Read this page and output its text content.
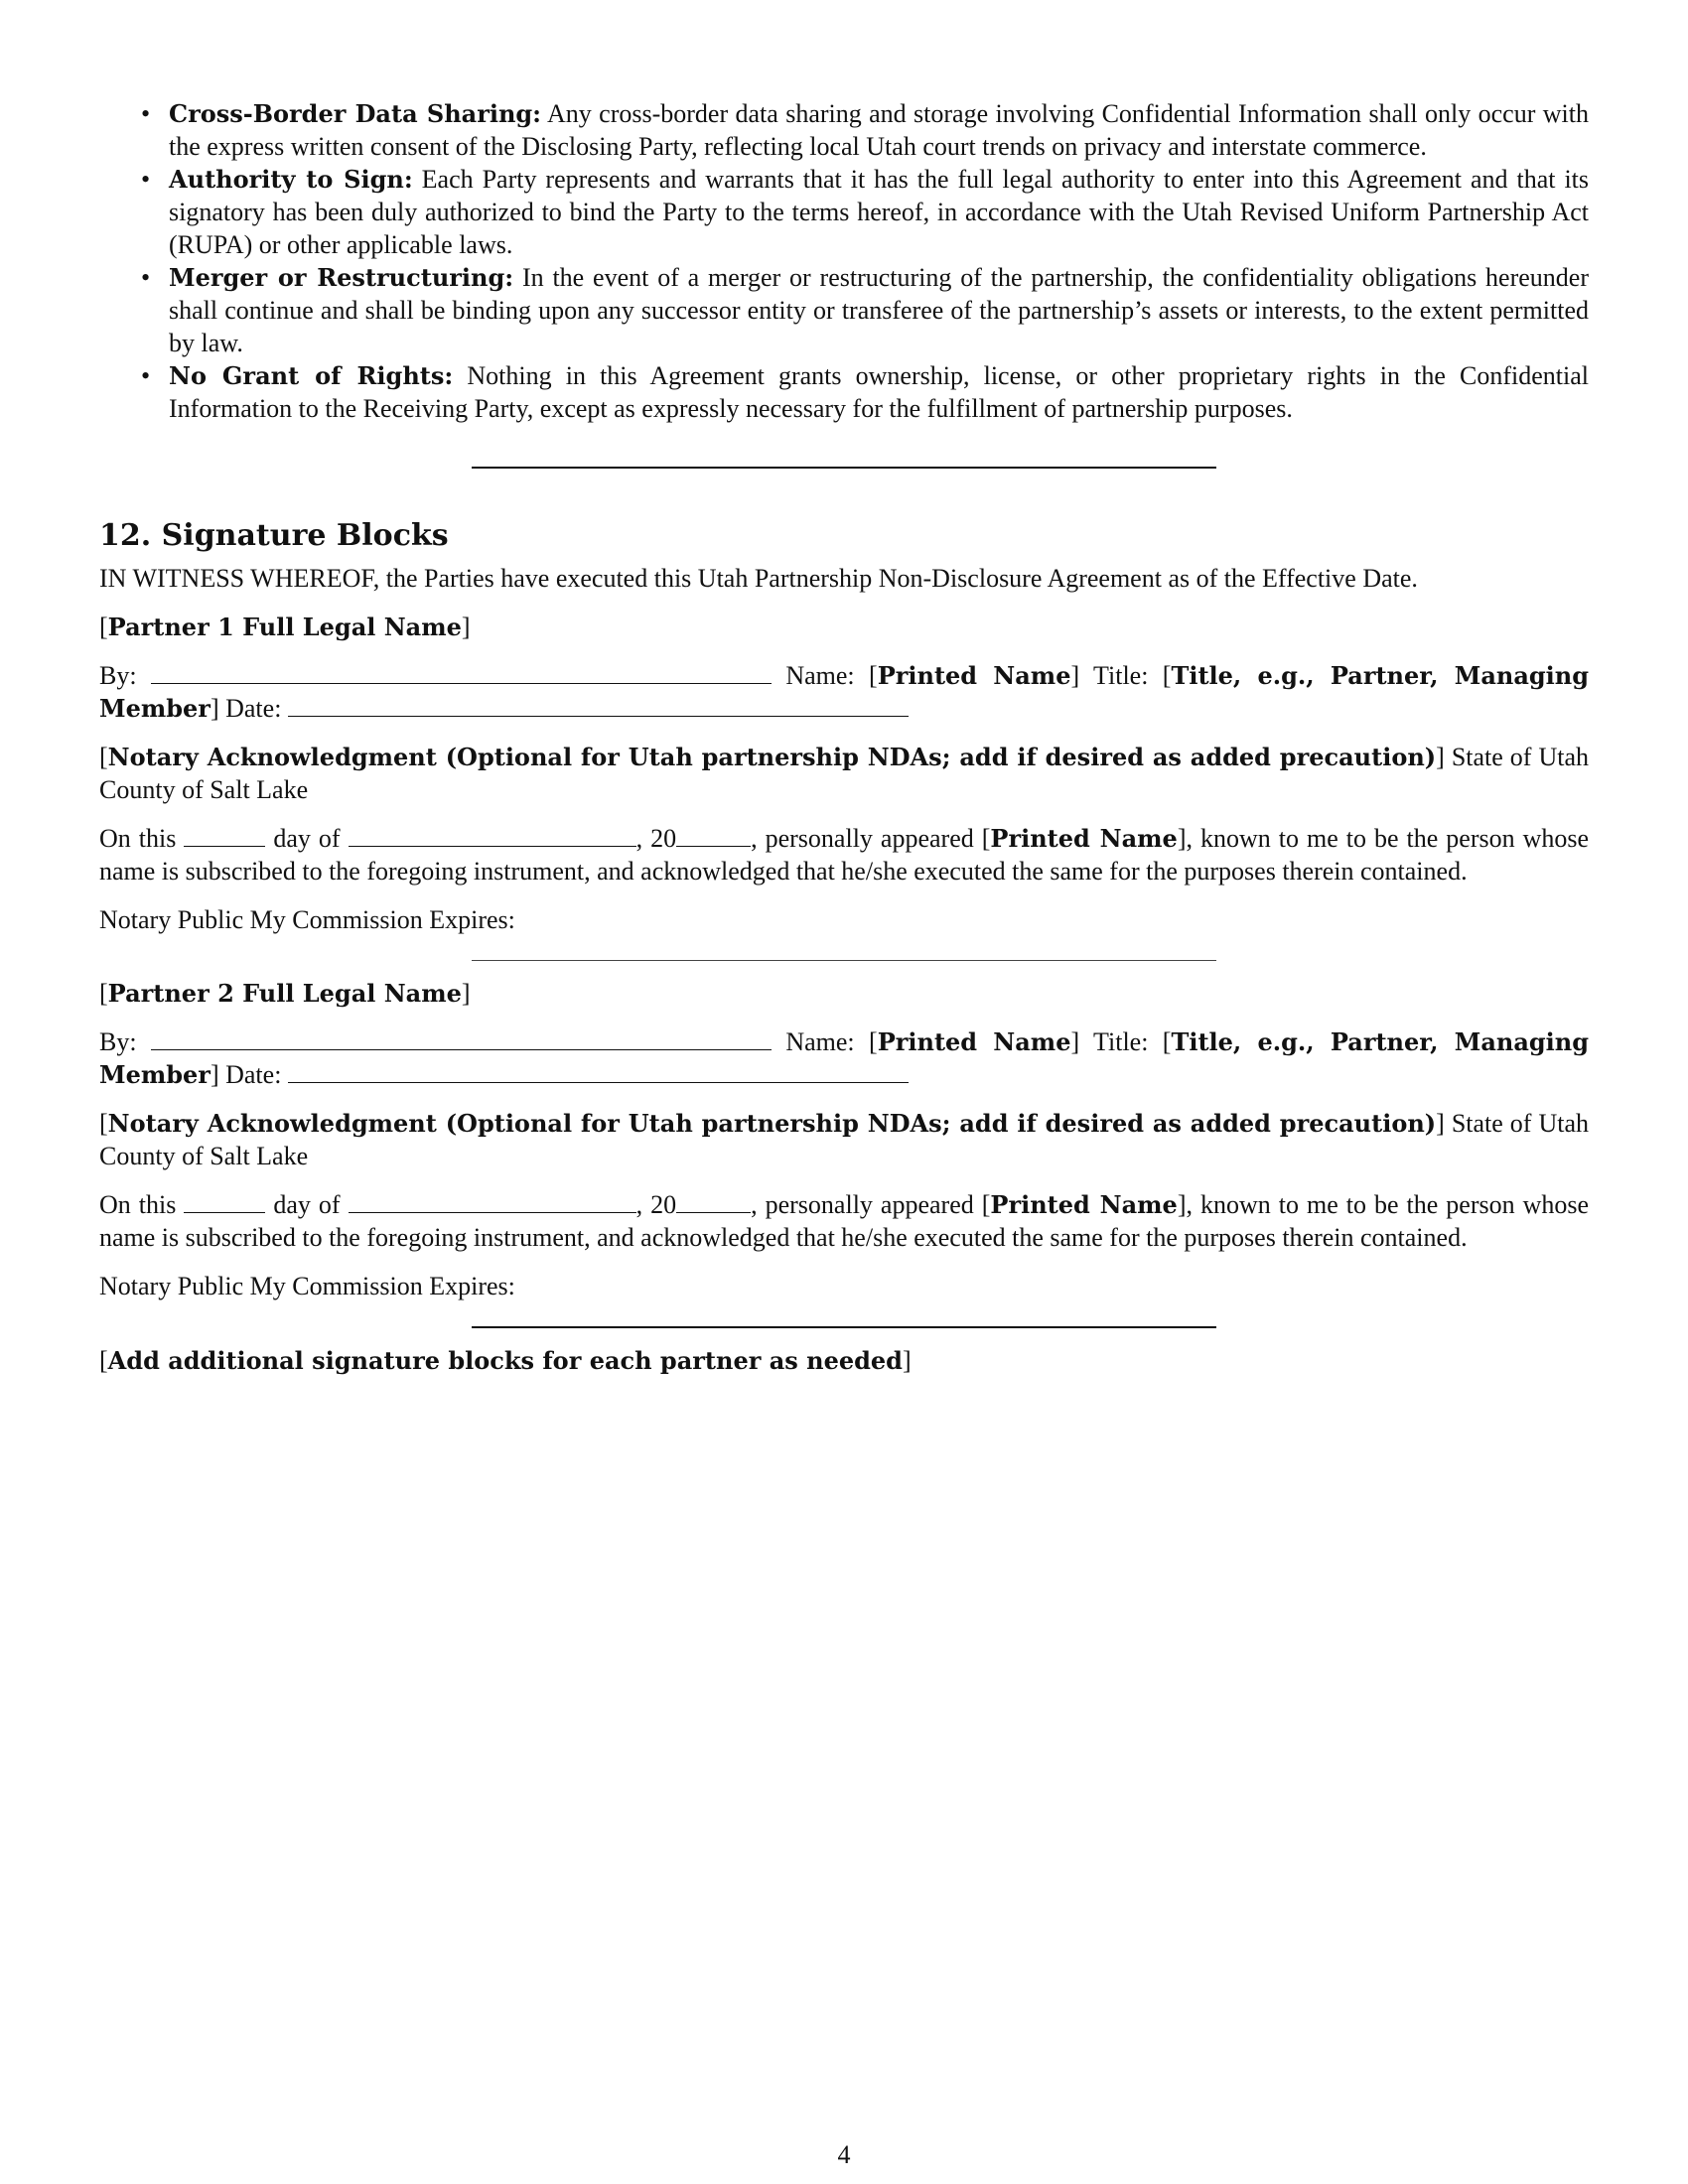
• Cross-Border Data Sharing: Any cross-border data sharing and storage involving Confidential Information shall only occur with the express written consent of the Disclosing Party, reflecting local Utah court trends on privacy and interstate commerce.
• Authority to Sign: Each Party represents and warrants that it has the full legal authority to enter into this Agreement and that its signatory has been duly authorized to bind the Party to the terms hereof, in accordance with the Utah Revised Uniform Partnership Act (RUPA) or other applicable laws.
• Merger or Restructuring: In the event of a merger or restructuring of the partnership, the confidentiality obligations hereunder shall continue and shall be binding upon any successor entity or transferee of the partnership’s assets or interests, to the extent permitted by law.
• No Grant of Rights: Nothing in this Agreement grants ownership, license, or other proprietary rights in the Confidential Information to the Receiving Party, except as expressly necessary for the fulfillment of partnership purposes.
12. Signature Blocks

IN WITNESS WHEREOF, the Parties have executed this Utah Partnership Non-Disclosure Agreement as of the Effective Date.

[Partner 1 Full Legal Name]

By:	Name: [Printed Name] Title: [Title, e.g., Partner, Managing Member] Date:

[Notary Acknowledgment (Optional for Utah partnership NDAs; add if desired as added precaution)] State of Utah County of Salt Lake

On this	day of	, 20	, personally appeared [Printed Name], known to me to be the person whose name is subscribed to the foregoing instrument, and acknowledged that he/she executed the same for the purposes therein contained.

Notary Public My Commission Expires:

[Partner 2 Full Legal Name]

By:	Name: [Printed Name] Title: [Title, e.g., Partner, Managing Member] Date:

[Notary Acknowledgment (Optional for Utah partnership NDAs; add if desired as added precaution)] State of Utah County of Salt Lake

On this	day of	, 20	, personally appeared [Printed Name], known to me to be the person whose name is subscribed to the foregoing instrument, and acknowledged that he/she executed the same for the purposes therein contained.

Notary Public My Commission Expires:

[Add additional signature blocks for each partner as needed]

4
